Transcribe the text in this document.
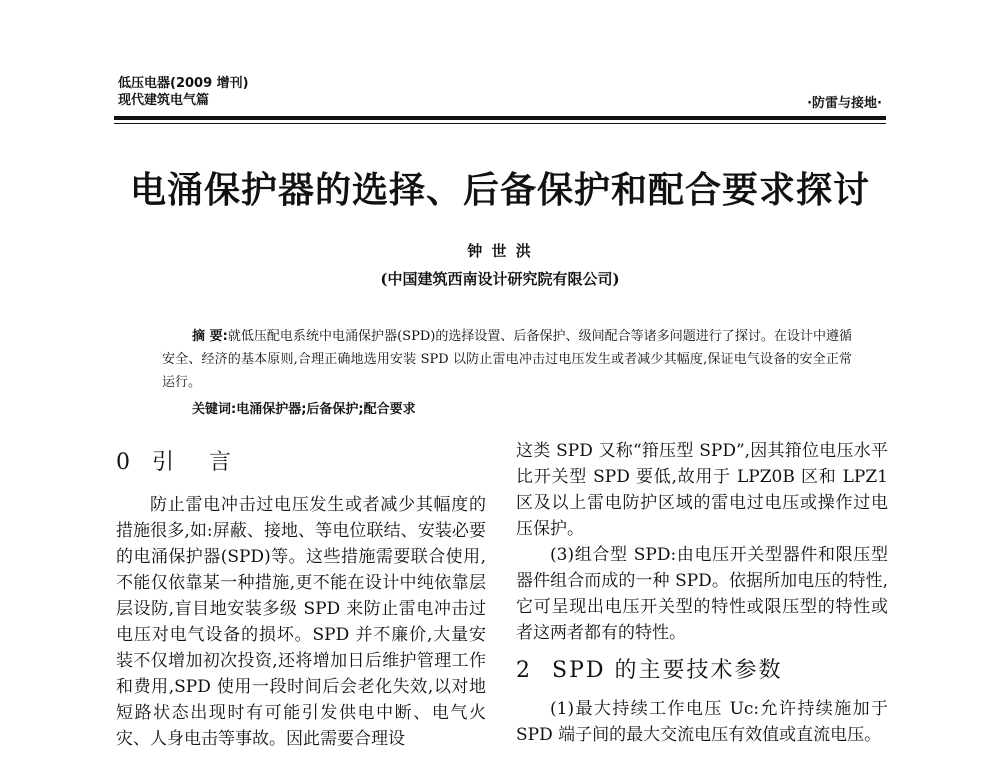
低压电器(2009 增刊)
现代建筑电气篇	·防雷与接地·
电涌保护器的选择、后备保护和配合要求探讨
钟 世 洪
(中国建筑西南设计研究院有限公司)

摘 要:就低压配电系统中电涌保护器(SPD)的选择设置、后备保护、级间配合等诸多问题进行了探讨。在设计中遵循安全、经济的基本原则,合理正确地选用安装 SPD 以防止雷电冲击过电压发生或者减少其幅度,保证电气设备的安全正常运行。

关键词:电涌保护器;后备保护;配合要求
0 引 言

防止雷电冲击过电压发生或者减少其幅度的措施很多,如:屏蔽、接地、等电位联结、安装必要的电涌保护器(SPD)等。这些措施需要联合使用,不能仅依靠某一种措施,更不能在设计中纯依靠层层设防,盲目地安装多级 SPD 来防止雷电冲击过电压对电气设备的损坏。SPD 并不廉价,大量安装不仅增加初次投资,还将增加日后维护管理工作和费用,SPD 使用一段时间后会老化失效,以对地短路状态出现时有可能引发供电中断、电气火灾、人身电击等事故。因此需要合理设

这类 SPD 又称“箝压型 SPD”,因其箝位电压水平比开关型 SPD 要低,故用于 LPZ0B 区和 LPZ1 区及以上雷电防护区域的雷电过电压或操作过电压保护。

(3)组合型 SPD:由电压开关型器件和限压型器件组合而成的一种 SPD。依据所加电压的特性,它可呈现出电压开关型的特性或限压型的特性或者这两者都有的特性。

2 SPD 的主要技术参数

(1)最大持续工作电压 Uc:允许持续施加于 SPD 端子间的最大交流电压有效值或直流电压。
